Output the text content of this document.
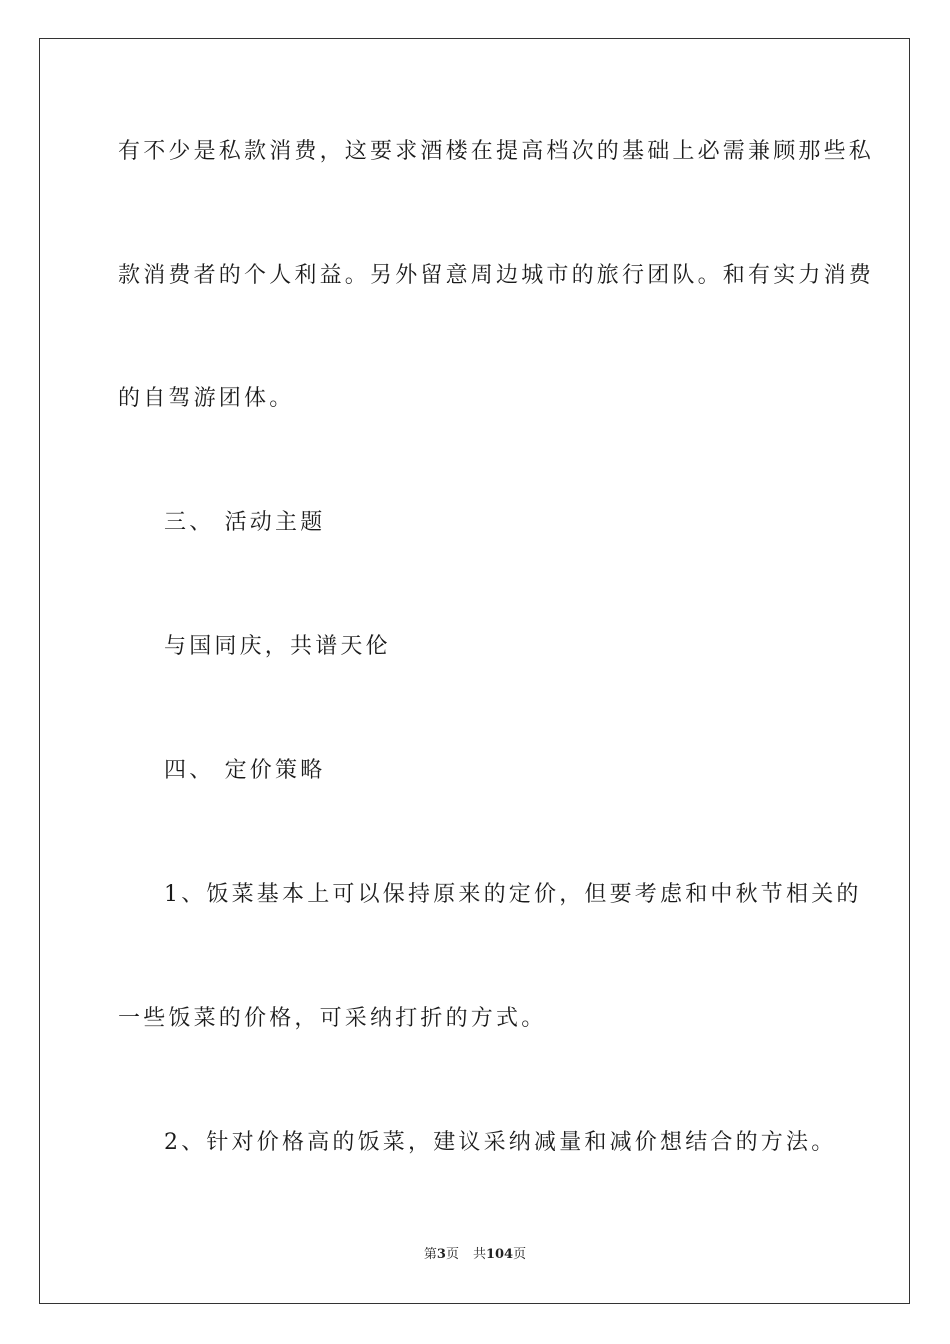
有不少是私款消费，这要求酒楼在提高档次的基础上必需兼顾那些私
款消费者的个人利益。另外留意周边城市的旅行团队。和有实力消费
的自驾游团体。
三、 活动主题
与国同庆，共谱天伦
四、 定价策略
1、饭菜基本上可以保持原来的定价，但要考虑和中秋节相关的
一些饭菜的价格，可采纳打折的方式。
2、针对价格高的饭菜，建议采纳减量和减价想结合的方法。
第3页 共104页
